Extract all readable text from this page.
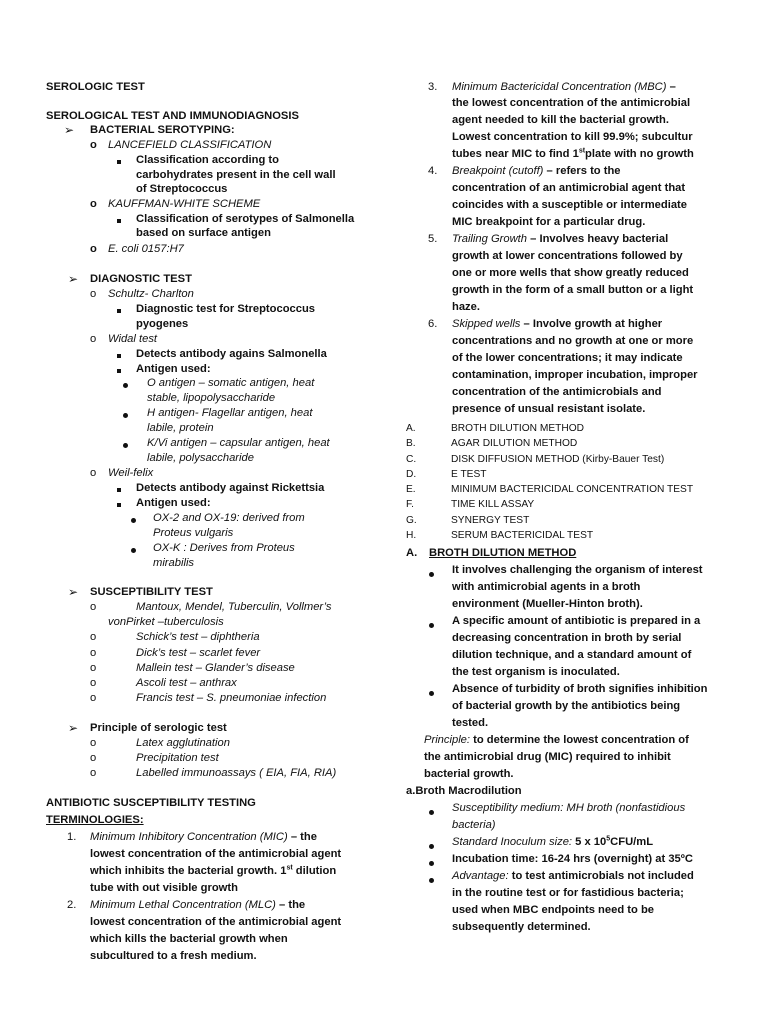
SEROLOGIC TEST
SEROLOGICAL TEST AND IMMUNODIAGNOSIS
➢ BACTERIAL SEROTYPING:
o LANCEFIELD CLASSIFICATION
Classification according to
carbohydrates present in the cell wall
of Streptococcus
o KAUFFMAN-WHITE SCHEME
Classification of serotypes of Salmonella
based on surface antigen
o E. coli 0157:H7
➢ DIAGNOSTIC TEST
o Schultz- Charlton
Diagnostic test for Streptococcus
pyogenes
o Widal test
Detects antibody agains Salmonella
Antigen used:
O antigen – somatic antigen, heat
stable, lipopolysaccharide
H antigen- Flagellar antigen, heat
labile, protein
K/Vi antigen – capsular antigen, heat
labile, polysaccharide
o Weil-felix
Detects antibody against Rickettsia
Antigen used:
OX-2 and OX-19: derived from
Proteus vulgaris
OX-K : Derives from Proteus
mirabilis
➢ SUSCEPTIBILITY TEST
o	Mantoux, Mendel, Tuberculin, Vollmer’s
vonPirket –tuberculosis
o	Schick’s test – diphtheria
o	Dick’s test – scarlet fever
o	Mallein test – Glander’s disease
o	Ascoli test – anthrax
o	Francis test – S. pneumoniae infection
➢ Principle of serologic test
o	Latex agglutination
o	Precipitation test
o	Labelled immunoassays ( EIA, FIA, RIA)
ANTIBIOTIC SUSCEPTIBILITY TESTING
TERMINOLOGIES:
1. Minimum Inhibitory Concentration (MIC) – the
lowest concentration of the antimicrobial agent
which inhibits the bacterial growth. 1st dilution
tube with out visible growth
2. Minimum Lethal Concentration (MLC) – the
lowest concentration of the antimicrobial agent
which kills the bacterial growth when
subcultured to a fresh medium.
3. Minimum Bactericidal Concentration (MBC) –
the lowest concentration of the antimicrobial
agent needed to kill the bacterial growth.
Lowest concentration to kill 99.9%; subcultur
tubes near MIC to find 1stplate with no growth
4. Breakpoint (cutoff) – refers to the
concentration of an antimicrobial agent that
coincides with a susceptible or intermediate
MIC breakpoint for a particular drug.
5. Trailing Growth – Involves heavy bacterial
growth at lower concentrations followed by
one or more wells that show greatly reduced
growth in the form of a small button or a light
haze.
6. Skipped wells – Involve growth at higher
concentrations and no growth at one or more
of the lower concentrations; it may indicate
contamination, improper incubation, improper
concentration of the antimicrobials and
presence of unsual resistant isolate.
A.	BROTH DILUTION METHOD
B.	AGAR DILUTION METHOD
C.	DISK DIFFUSION METHOD (Kirby-Bauer Test)
D.	E TEST
E.	MINIMUM BACTERICIDAL CONCENTRATION TEST
F.	TIME KILL ASSAY
G.	SYNERGY TEST
H.	SERUM BACTERICIDAL TEST
A. BROTH DILUTION METHOD
It involves challenging the organism of interest
with antimicrobial agents in a broth
environment (Mueller-Hinton broth).
A specific amount of antibiotic is prepared in a
decreasing concentration in broth by serial
dilution technique, and a standard amount of
the test organism is inoculated.
Absence of turbidity of broth signifies inhibition
of bacterial growth by the antibiotics being
tested.
Principle: to determine the lowest concentration of
the antimicrobial drug (MIC) required to inhibit
bacterial growth.
a.Broth Macrodilution
Susceptibility medium: MH broth (nonfastidious
bacteria)
Standard Inoculum size: 5 x $10^5CFU/mL$
Incubation time: 16-24 hrs (overnight) at 35ºC
Advantage: to test antimicrobials not included
in the routine test or for fastidious bacteria;
used when MBC endpoints need to be
subsequently determined.
